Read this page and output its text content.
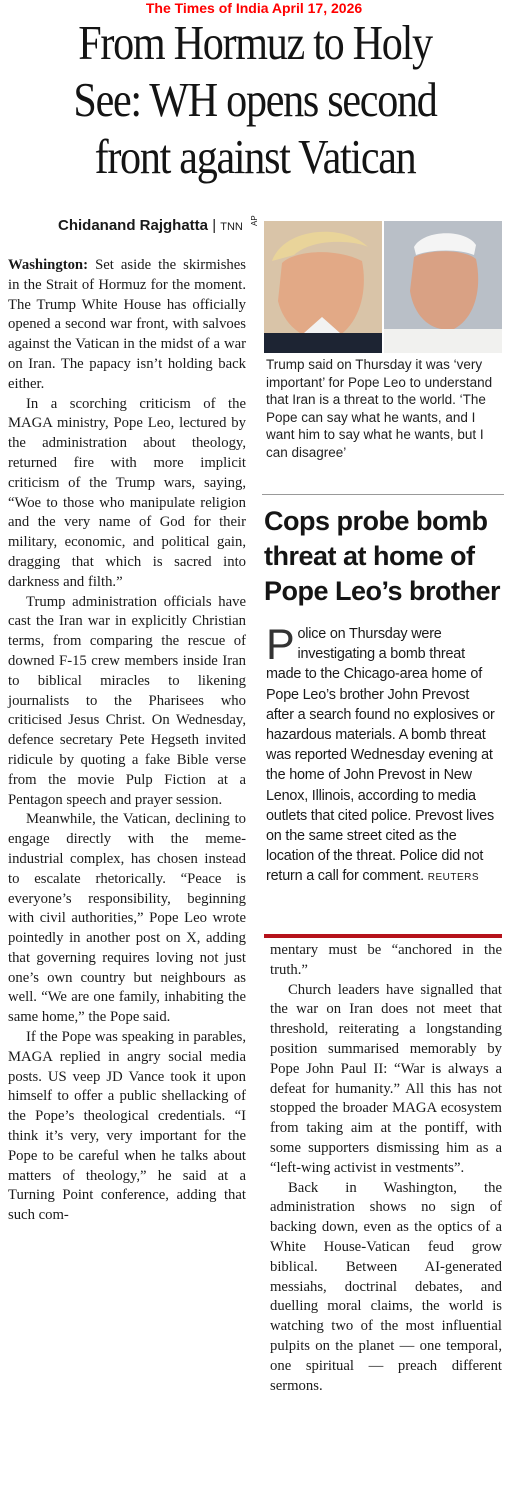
The Times of India April 17, 2026
From Hormuz to Holy
See: WH opens second
front against Vatican
Chidanand Rajghatta | TNN
AP
Trump said on Thursday it was ‘very important’ for Pope Leo to understand that Iran is a threat to the world. ‘The Pope can say what he wants, and I want him to say what he wants, but I can disagree’

Washington: Set aside the skirmishes in the Strait of Hormuz for the moment. The Trump White House has officially opened a second war front, with salvoes against the Vatican in the midst of a war on Iran. The papacy isn’t holding back either.

In a scorching criticism of the MAGA ministry, Pope Leo, lectured by the administration about theology, returned fire with more implicit criticism of the Trump wars, saying, “Woe to those who manipulate religion and the very name of God for their military, economic, and political gain, dragging that which is sacred into darkness and filth.”

Trump administration officials have cast the Iran war in explicitly Christian terms, from comparing the rescue of downed F-15 crew members inside Iran to biblical miracles to likening journalists to the Pharisees who criticised Jesus Christ. On Wednesday, defence secretary Pete Hegseth invited ridicule by quoting a fake Bible verse from the movie Pulp Fiction at a Pentagon speech and prayer session.

Meanwhile, the Vatican, declining to engage directly with the meme-industrial complex, has chosen instead to escalate rhetorically. “Peace is everyone’s responsibility, beginning with civil authorities,” Pope Leo wrote pointedly in another post on X, adding that governing requires loving not just one’s own country but neighbours as well. “We are one family, inhabiting the same home,” the Pope said.

If the Pope was speaking in parables, MAGA replied in angry social media posts. US veep JD Vance took it upon himself to offer a public shellacking of the Pope’s theological credentials. “I think it’s very, very important for the Pope to be careful when he talks about matters of theology,” he said at a Turning Point conference, adding that such com-

Cops probe bomb threat at home of Pope Leo’s brother
Police on Thursday were investigating a bomb threat made to the Chicago-area home of Pope Leo’s brother John Prevost after a search found no explosives or hazardous materials. A bomb threat was reported Wednesday evening at the home of John Prevost in New Lenox, Illinois, according to media outlets that cited police. Prevost lives on the same street cited as the location of the threat. Police did not return a call for comment. REUTERS

mentary must be “anchored in the truth.”

Church leaders have signalled that the war on Iran does not meet that threshold, reiterating a longstanding position summarised memorably by Pope John Paul II: “War is always a defeat for humanity.” All this has not stopped the broader MAGA ecosystem from taking aim at the pontiff, with some supporters dismissing him as a “left-wing activist in vestments”.

Back in Washington, the administration shows no sign of backing down, even as the optics of a White House-Vatican feud grow biblical. Between AI-generated messiahs, doctrinal debates, and duelling moral claims, the world is watching two of the most influential pulpits on the planet — one temporal, one spiritual — preach different sermons.
